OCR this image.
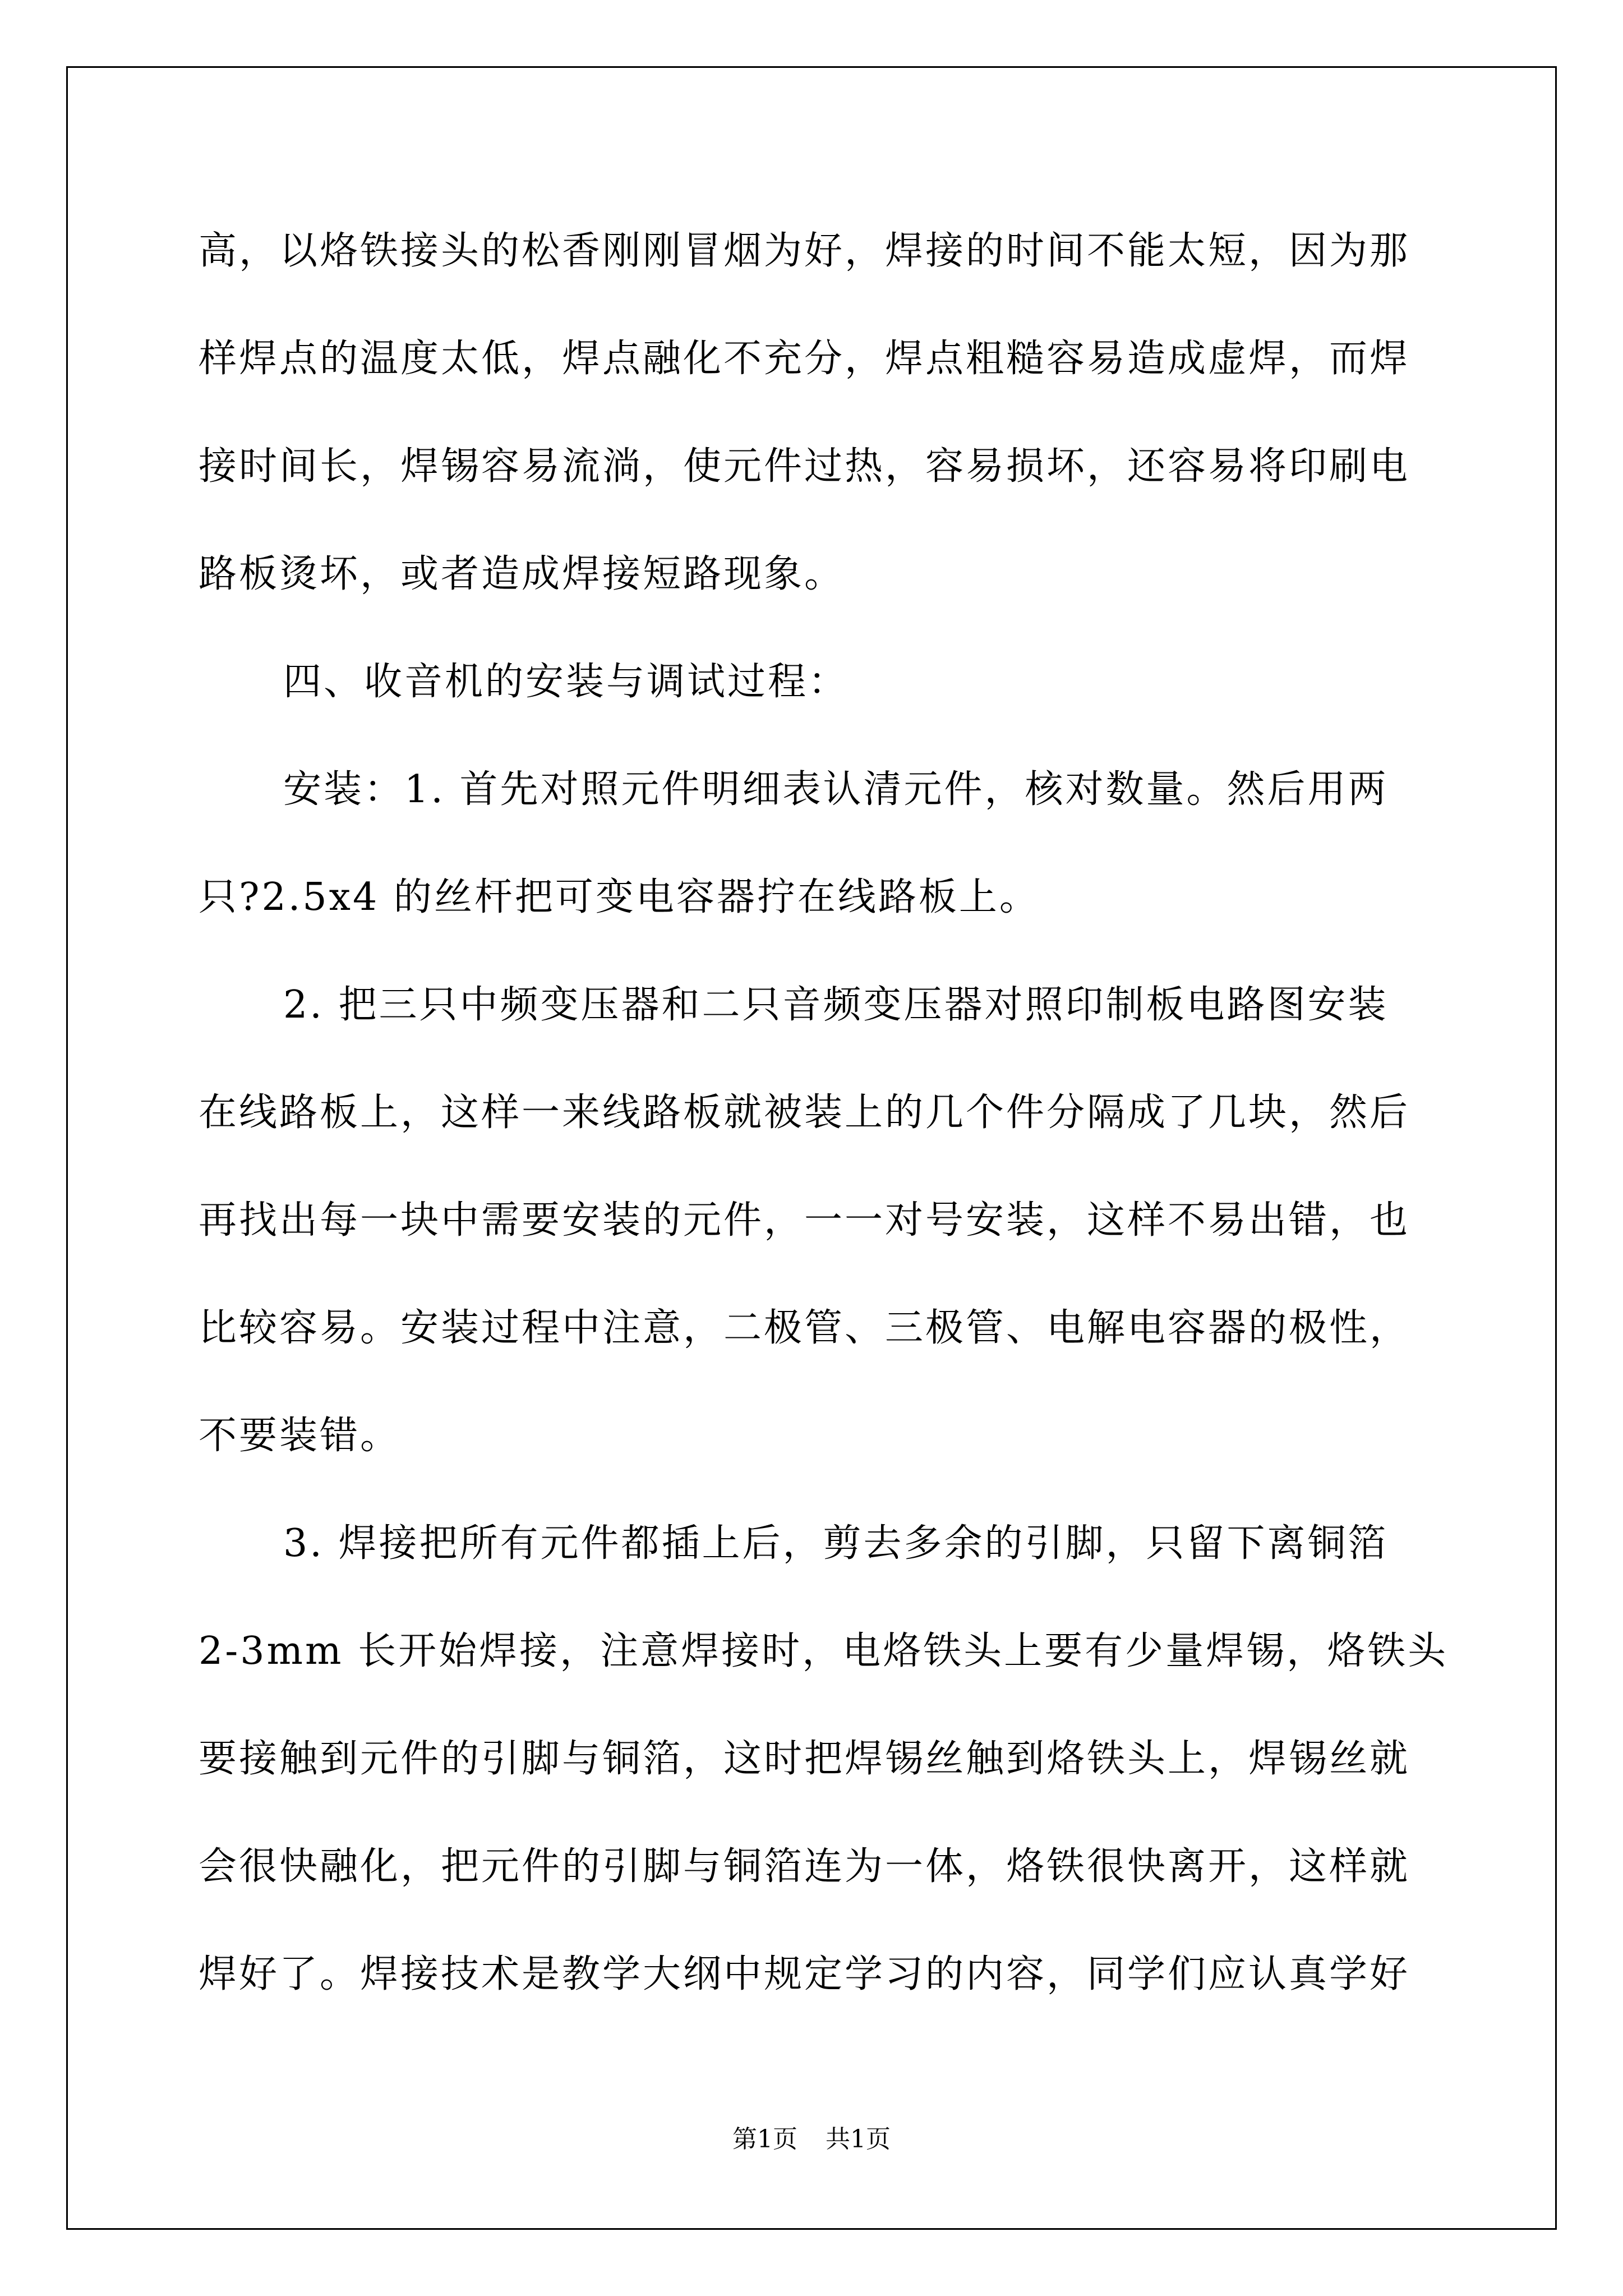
高，以烙铁接头的松香刚刚冒烟为好，焊接的时间不能太短，因为那
样焊点的温度太低，焊点融化不充分，焊点粗糙容易造成虚焊，而焊
接时间长，焊锡容易流淌，使元件过热，容易损坏，还容易将印刷电
路板烫坏，或者造成焊接短路现象。
四、收音机的安装与调试过程：
安装：1. 首先对照元件明细表认清元件，核对数量。然后用两
只?2.5x4 的丝杆把可变电容器拧在线路板上。
2. 把三只中频变压器和二只音频变压器对照印制板电路图安装
在线路板上，这样一来线路板就被装上的几个件分隔成了几块，然后
再找出每一块中需要安装的元件，一一对号安装，这样不易出错，也
比较容易。安装过程中注意，二极管、三极管、电解电容器的极性，
不要装错。
3. 焊接把所有元件都插上后，剪去多余的引脚，只留下离铜箔
2-3mm 长开始焊接，注意焊接时，电烙铁头上要有少量焊锡，烙铁头
要接触到元件的引脚与铜箔，这时把焊锡丝触到烙铁头上，焊锡丝就
会很快融化，把元件的引脚与铜箔连为一体，烙铁很快离开，这样就
焊好了。焊接技术是教学大纲中规定学习的内容，同学们应认真学好
第1页 共1页
